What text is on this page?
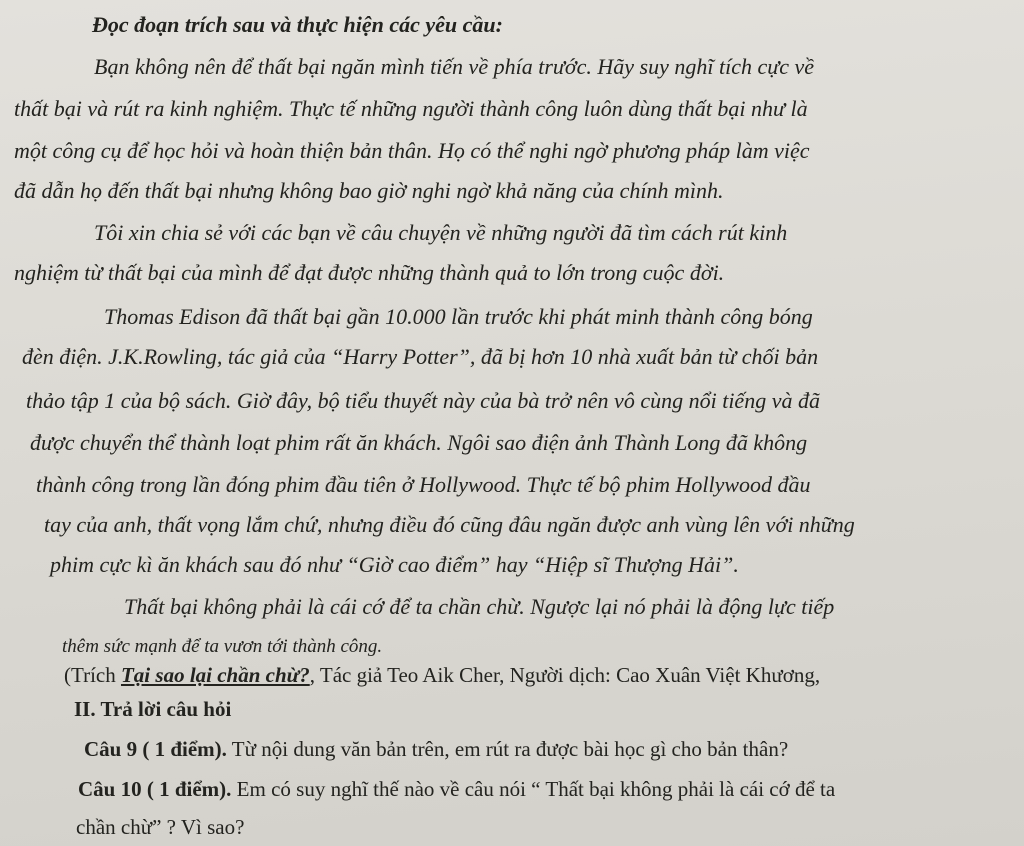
Đọc đoạn trích sau và thực hiện các yêu cầu:
Bạn không nên để thất bại ngăn mình tiến về phía trước. Hãy suy nghĩ tích cực về
thất bại và rút ra kinh nghiệm. Thực tế những người thành công luôn dùng thất bại như là
một công cụ để học hỏi và hoàn thiện bản thân. Họ có thể nghi ngờ phương pháp làm việc
đã dẫn họ đến thất bại nhưng không bao giờ nghi ngờ khả năng của chính mình.
Tôi xin chia sẻ với các bạn về câu chuyện về những người đã tìm cách rút kinh
nghiệm từ thất bại của mình để đạt được những thành quả to lớn trong cuộc đời.
Thomas Edison đã thất bại gần 10.000 lần trước khi phát minh thành công bóng
đèn điện. J.K.Rowling, tác giả của “Harry Potter”, đã bị hơn 10 nhà xuất bản từ chối bản
thảo tập 1 của bộ sách. Giờ đây, bộ tiểu thuyết này của bà trở nên vô cùng nổi tiếng và đã
được chuyển thể thành loạt phim rất ăn khách. Ngôi sao điện ảnh Thành Long đã không
thành công trong lần đóng phim đầu tiên ở Hollywood. Thực tế bộ phim Hollywood đầu
tay của anh, thất vọng lắm chứ, nhưng điều đó cũng đâu ngăn được anh vùng lên với những
phim cực kì ăn khách sau đó như “Giờ cao điểm” hay “Hiệp sĩ Thượng Hải”.
Thất bại không phải là cái cớ để ta chần chừ. Ngược lại nó phải là động lực tiếp
thêm sức mạnh để ta vươn tới thành công.
(Trích Tại sao lại chần chừ?, Tác giả Teo Aik Cher, Người dịch: Cao Xuân Việt Khương,
II. Trả lời câu hỏi
Câu 9 ( 1 điểm). Từ nội dung văn bản trên, em rút ra được bài học gì cho bản thân?
Câu 10 ( 1 điểm). Em có suy nghĩ thế nào về câu nói “ Thất bại không phải là cái cớ để ta
chần chừ” ? Vì sao?
